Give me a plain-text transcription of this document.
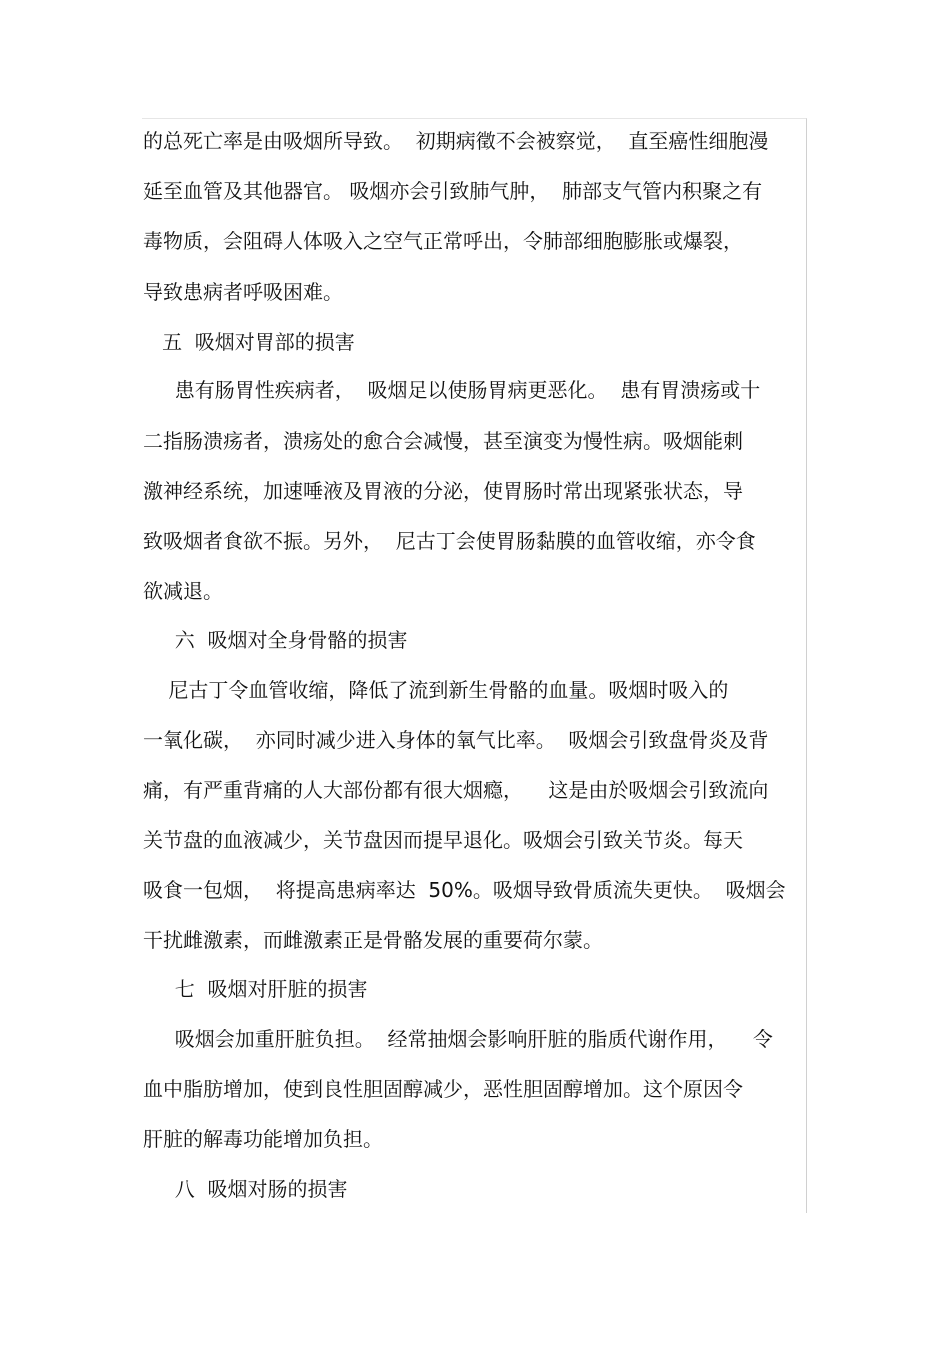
的总死亡率是由吸烟所导致。  初期病徵不会被察觉，  直至癌性细胞漫
延至血管及其他器官。 吸烟亦会引致肺气肿，  肺部支气管内积聚之有
毒物质，会阻碍人体吸入之空气正常呼出，令肺部细胞膨胀或爆裂，
导致患病者呼吸困难。
五  吸烟对胃部的损害
患有肠胃性疾病者，  吸烟足以使肠胃病更恶化。  患有胃溃疡或十
二指肠溃疡者，溃疡处的愈合会减慢，甚至演变为慢性病。吸烟能刺
激神经系统，加速唾液及胃液的分泌，使胃肠时常出现紧张状态，导
致吸烟者食欲不振。另外，  尼古丁会使胃肠黏膜的血管收缩，亦令食
欲减退。
六  吸烟对全身骨骼的损害
尼古丁令血管收缩，降低了流到新生骨骼的血量。吸烟时吸入的
一氧化碳，  亦同时减少进入身体的氧气比率。  吸烟会引致盘骨炎及背
痛，有严重背痛的人大部份都有很大烟瘾，    这是由於吸烟会引致流向
关节盘的血液减少，关节盘因而提早退化。吸烟会引致关节炎。每天
吸食一包烟，  将提高患病率达  50%。吸烟导致骨质流失更快。  吸烟会
干扰雌激素，而雌激素正是骨骼发展的重要荷尔蒙。
七  吸烟对肝脏的损害
吸烟会加重肝脏负担。  经常抽烟会影响肝脏的脂质代谢作用，    令
血中脂肪增加，使到良性胆固醇减少，恶性胆固醇增加。这个原因令
肝脏的解毒功能增加负担。
八  吸烟对肠的损害
